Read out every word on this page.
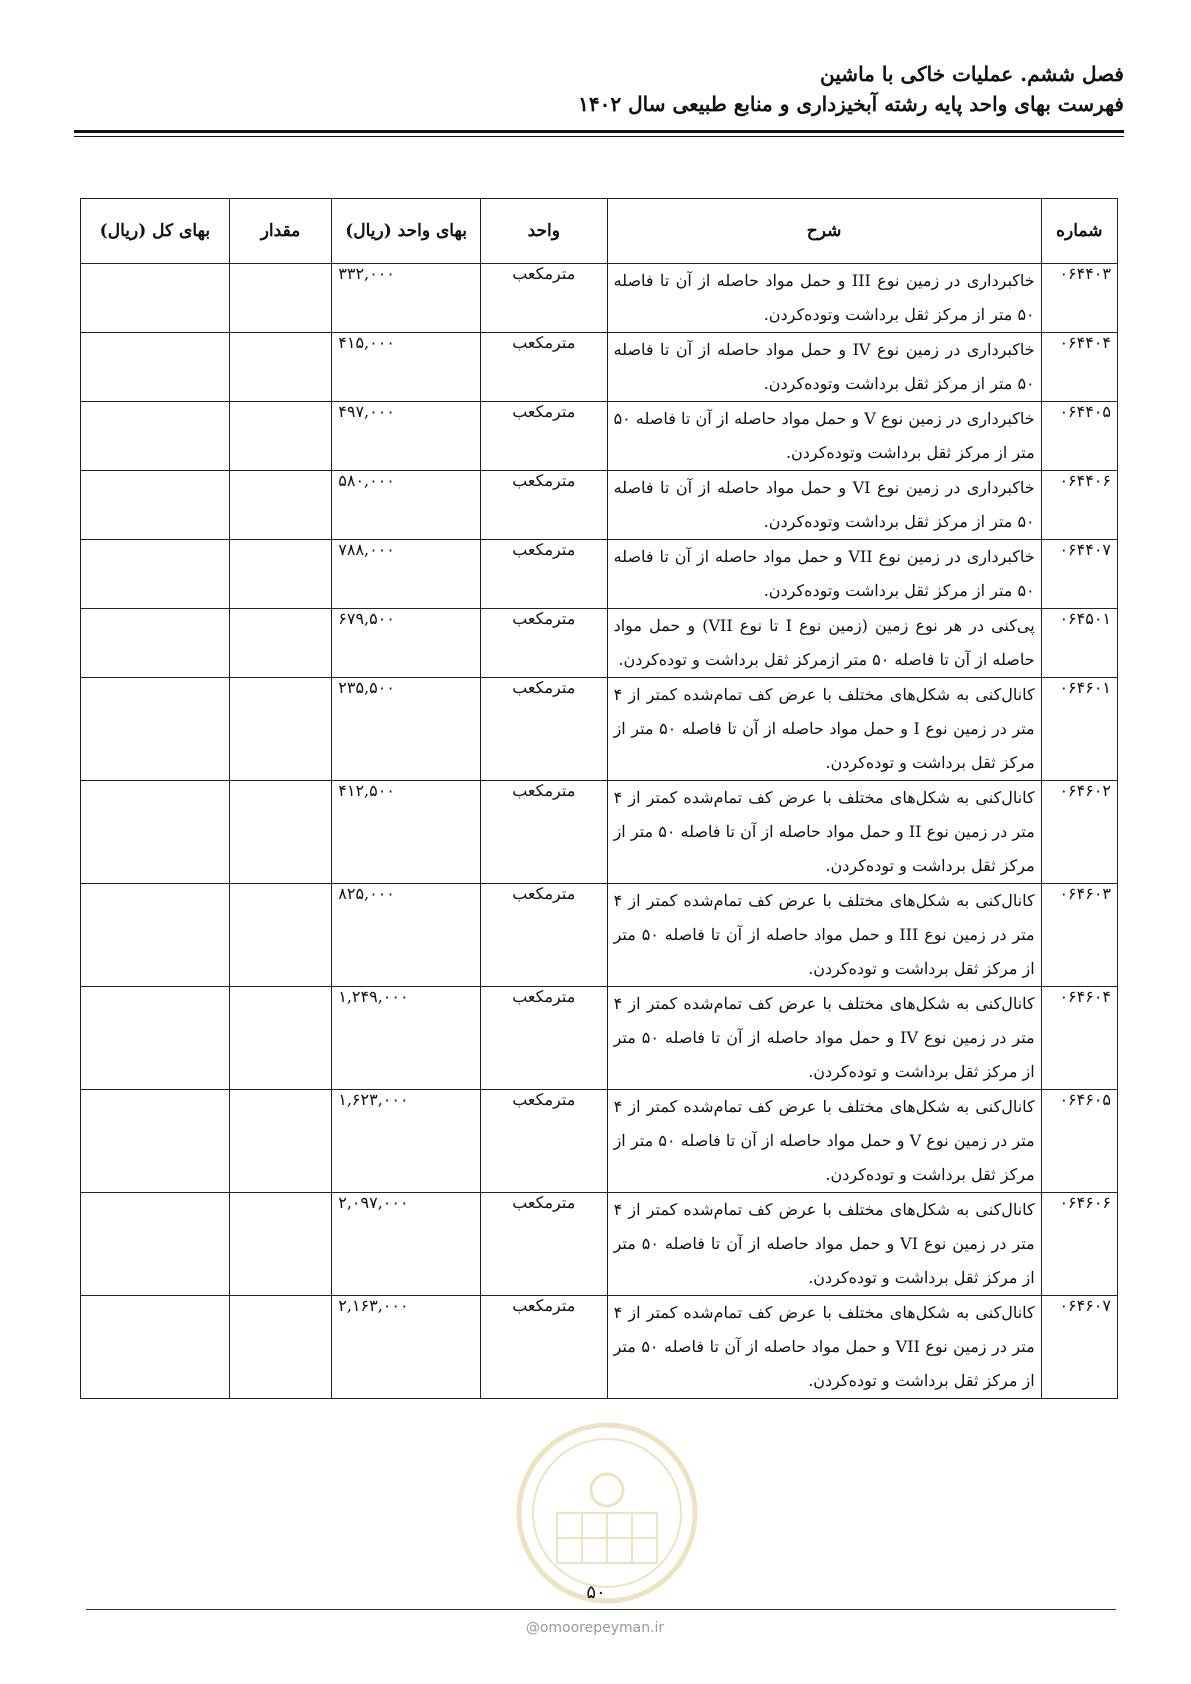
فصل ششم. عملیات خاکی با ماشین
فهرست بهای واحد پایه رشته آبخیزداری و منابع طبیعی سال ۱۴۰۲
شماره	شرح	واحد	بهای واحد (ریال)	مقدار	بهای کل (ریال)
۰۶۴۴۰۳	خاکبرداری در زمین نوع III و حمل مواد حاصله از آن تا فاصله ۵۰ متر از مرکز ثقل برداشت وتوده‌کردن.	مترمکعب	۳۳۲,۰۰۰		
۰۶۴۴۰۴	خاکبرداری در زمین نوع IV و حمل مواد حاصله از آن تا فاصله ۵۰ متر از مرکز ثقل برداشت وتوده‌کردن.	مترمکعب	۴۱۵,۰۰۰		
۰۶۴۴۰۵	خاکبرداری در زمین نوع V و حمل مواد حاصله از آن تا فاصله ۵۰ متر از مرکز ثقل برداشت وتوده‌کردن.	مترمکعب	۴۹۷,۰۰۰		
۰۶۴۴۰۶	خاکبرداری در زمین نوع VI و حمل مواد حاصله از آن تا فاصله ۵۰ متر از مرکز ثقل برداشت وتوده‌کردن.	مترمکعب	۵۸۰,۰۰۰		
۰۶۴۴۰۷	خاکبرداری در زمین نوع VII و حمل مواد حاصله از آن تا فاصله ۵۰ متر از مرکز ثقل برداشت وتوده‌کردن.	مترمکعب	۷۸۸,۰۰۰		
۰۶۴۵۰۱	پی‌کنی در هر نوع زمین (زمین نوع I تا نوع VII) و حمل مواد حاصله از آن تا فاصله ۵۰ متر ازمرکز ثقل برداشت و توده‌کردن.	مترمکعب	۶۷۹,۵۰۰		
۰۶۴۶۰۱	کانال‌کنی به شکل‌های مختلف با عرض کف تمام‌شده کمتر از ۴ متر در زمین نوع I و حمل مواد حاصله از آن تا فاصله ۵۰ متر از مرکز ثقل برداشت و توده‌کردن.	مترمکعب	۲۳۵,۵۰۰		
۰۶۴۶۰۲	کانال‌کنی به شکل‌های مختلف با عرض کف تمام‌شده کمتر از ۴ متر در زمین نوع II و حمل مواد حاصله از آن تا فاصله ۵۰ متر از مرکز ثقل برداشت و توده‌کردن.	مترمکعب	۴۱۲,۵۰۰		
۰۶۴۶۰۳	کانال‌کنی به شکل‌های مختلف با عرض کف تمام‌شده کمتر از ۴ متر در زمین نوع III و حمل مواد حاصله از آن تا فاصله ۵۰ متر از مرکز ثقل برداشت و توده‌کردن.	مترمکعب	۸۲۵,۰۰۰		
۰۶۴۶۰۴	کانال‌کنی به شکل‌های مختلف با عرض کف تمام‌شده کمتر از ۴ متر در زمین نوع IV و حمل مواد حاصله از آن تا فاصله ۵۰ متر از مرکز ثقل برداشت و توده‌کردن.	مترمکعب	۱,۲۴۹,۰۰۰		
۰۶۴۶۰۵	کانال‌کنی به شکل‌های مختلف با عرض کف تمام‌شده کمتر از ۴ متر در زمین نوع V و حمل مواد حاصله از آن تا فاصله ۵۰ متر از مرکز ثقل برداشت و توده‌کردن.	مترمکعب	۱,۶۲۳,۰۰۰		
۰۶۴۶۰۶	کانال‌کنی به شکل‌های مختلف با عرض کف تمام‌شده کمتر از ۴ متر در زمین نوع VI و حمل مواد حاصله از آن تا فاصله ۵۰ متر از مرکز ثقل برداشت و توده‌کردن.	مترمکعب	۲,۰۹۷,۰۰۰		
۰۶۴۶۰۷	کانال‌کنی به شکل‌های مختلف با عرض کف تمام‌شده کمتر از ۴ متر در زمین نوع VII و حمل مواد حاصله از آن تا فاصله ۵۰ متر از مرکز ثقل برداشت و توده‌کردن.	مترمکعب	۲,۱۶۳,۰۰۰		
۵۰
@omoorepeyman.ir
